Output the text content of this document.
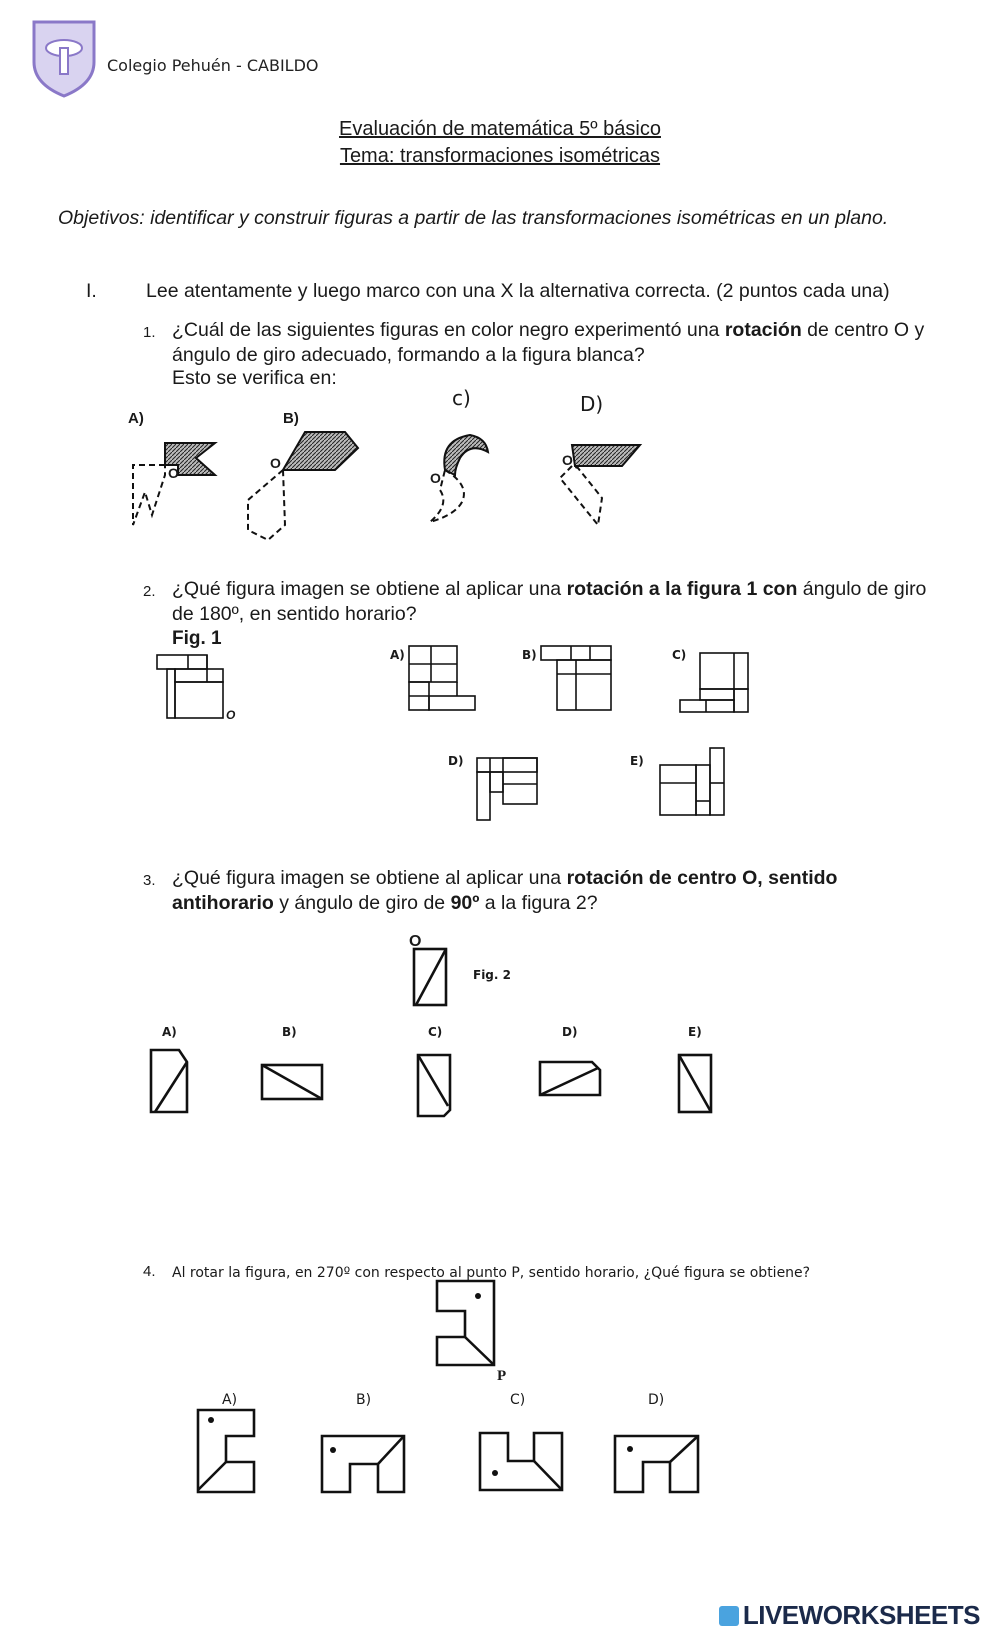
Colegio Pehuén - CABILDO
Evaluación de matemática 5º básico
Tema: transformaciones isométricas
Objetivos: identificar y construir figuras a partir de las transformaciones isométricas en un plano.
I.	Lee atentamente y luego marco con una X la alternativa correcta. (2 puntos cada una)
1. ¿Cuál de las siguientes figuras en color negro experimentó una rotación de centro O y ángulo de giro adecuado, formando a la figura blanca?
Esto se verifica en:
A)	B)
c)	D)
O
O
O
O
2. ¿Qué figura imagen se obtiene al aplicar una rotación a la figura 1 con ángulo de giro de 180º, en sentido horario?
Fig. 1
O
A)	B)	C)
D)	E)
3. ¿Qué figura imagen se obtiene al aplicar una rotación de centro O, sentido antihorario y ángulo de giro de 90º a la figura 2?
O
Fig. 2
A)	B)	C)	D)	E)
4. Al rotar la figura, en 270º con respecto al punto P, sentido horario, ¿Qué figura se obtiene?
P
A)	B)	C)	D)
LIVEWORKSHEETS
